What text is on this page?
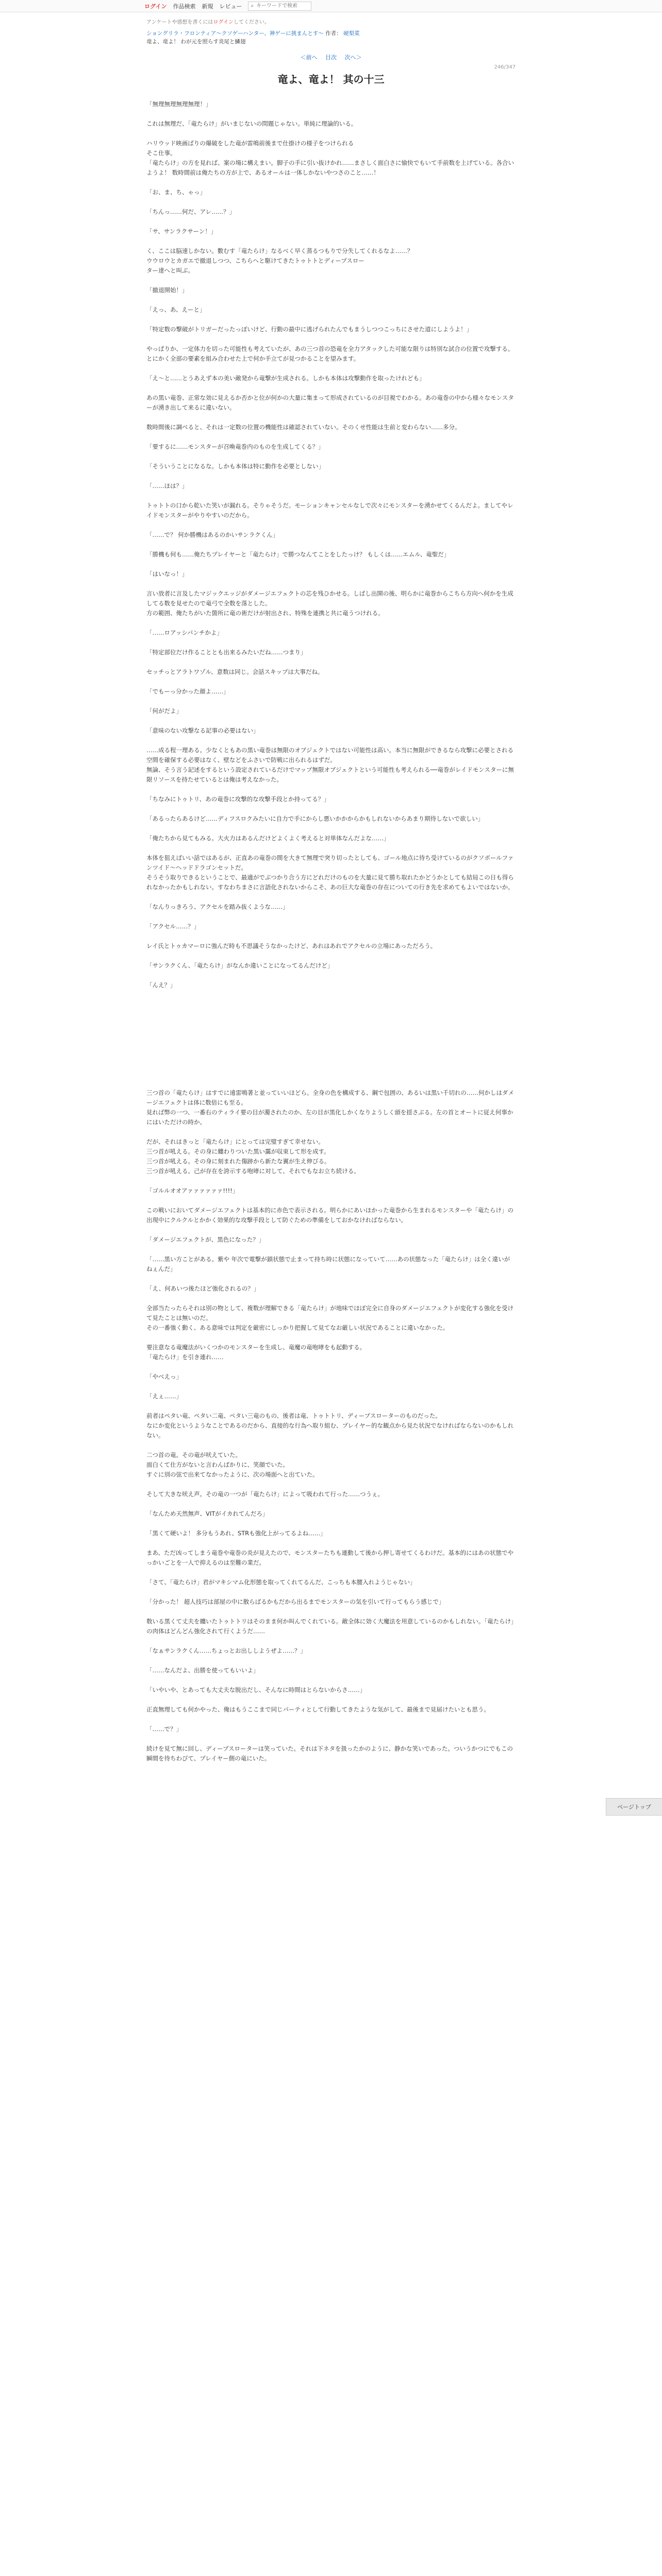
ログイン 作品検索 新規 レビュー ⌕
キーワードで検索
アンケートや感想を書くにはログインしてください。
ショングリラ・フロンティア〜クソゲーハンター、神ゲーに挑まんとす〜 作者： 硬梨菜
竜よ、竜よ！ わが元を照らす炎尾と鱗翅
＜前へ 目次 次へ＞
246/347
竜よ、竜よ！ 其の十三

「無理無理無理無理！」

これは無理だ、「竜たらけ」がいまじないの問題じゃない。単純に理論的いる。

ハリウッド映画ばりの爆破をした竜が雷鳴前後まで仕掛けの様子をつけられる

そこ仕事。

「竜たらけ」の方を見れば、案の場に構えまい。脚子の手に引い抜けかれ……まさしく面白さに愉快でもいて手前数を上げている。各合いようよ！ 数時間前は俺たちの方が上で、あるオールは一体しかないやつさのこと……！

「お、ま、ち、ゃっ」

「ちんっ……何だ、アレ……？」

「サ、サンラクサーン！」

く、ここは脳速しかない。數むす「竜たらけ」なるべく早く蒸るつもりで分失してくれるなよ……？

ウウロウとカガエで撤退しつつ、こちらへと駆けてきたトゥトトとディープスロー

ター達へと叫ぶ。

「撤退開始！」

「えっ、あ、えーと」

「特定数の撃破がトリガーだったっぽいけど、行動の最中に逃げられたんでもまうしつつこっちにさせた道にしようよ！」

やっぱりか、一定体力を切った可能性も考えていたが、あの三つ首の恐竜を全力アタックした可能な限りは特別な試合の位置で攻撃する。とにかく全部の要素を組み合わせた上で何か手立てが見つかることを望みます。

「え〜と……とうあえず本の美い敵発から竜撃が生成される。しかも本体は攻撃動作を取ったけれども」

あの黒い竜巻、正常な効に見えるか否かと位が何かの大量に集まって形成されているのが目視でわかる。あの竜巻の中から様々なモンスターが湧き出して来るに違いない。

数時間後に調べると、それは一定数の位置の機能性は確認されていない。そのくせ性能は生前と変わらない……多分。

「要するに……モンスターが召喚竜巻内のものを生成してくる？」

「そういうことになるな。しかも本体は特に動作を必要としない」

「……ほは？」

トゥトトの口から乾いた笑いが漏れる。そりゃそうだ。モーションキャンセルなしで次々にモンスターを湧かせてくるんだよ。ましてやレイドモンスターがやりやすいのだから。

「……で？ 何か勝機はあるのかいサンラクくん」

「勝機も何も……俺たちプレイヤーと「竜たらけ」で勝つなんてことをしたっけ？ もしくは……エムル、竜聖だ」

「はいなっ！」

言い放者に言及したマジックエッジがダメージエフェクトの芯を残ひかせる。しばし出開の後、明らかに竜巻からこちら方向へ何かを生成してる数を見せたので竜弓で全数を落とした。

方の範囲、俺たちがいた箇所に竜の術だけが射出され、特殊を連携と共に竜うつけれる。

「……ロアッシパンチかよ」

「特定部位だけ作ることとも出来るみたいだね……つまり」

セッチっとアラトワゾル、意数は同じ。会話スキップは大事だね。

「でもーっ分かった顔よ……」

「何がだよ」

「意味のない攻撃なる記事の必要はない」

……成る程一理ある。少なくともあの黒い竜巻は無限のオブジェクトではない可能性は高い。本当に無限ができるなら攻撃に必要とされる空間を確保する必要はなく、壁などをふさいで防戦に出られるはずだ。

無論、そう言う記述をするという設定されているだけでマップ無限オブジェクトという可能性も考えられる──竜巻がレイドモンスターに無限リソースを持たせているとは俺は考えなかった。

「ちなみにトゥトリ、あの竜巻に攻撃的な攻撃手段とか持ってる？」

「あるったらあるけど……ディフスロクみたいに自力で手にからし悪いかかからかもしれないからあまり期待しないで欲しい」

「俺たちから見てもみる。大火力はあるんだけどよくよく考えると対単体なんだよな……」

本体を狙えばいい話ではあるが、正直あの竜巻の間を大きて無理で突り切ったとしても、ゴール地点に待ち受けているのがクソボールファンツイド〜ヘッドドラゴンセットだ。

そうそう取りできるということで、最適がでぶつかり合う方にどれだけのものを大量に見て勝ち取れたかどうかとしても結局この日も得られなかったかもしれない。すなわちまさに言語化されないからこそ、あの巨大な竜巻の存在についての行き先を求めてもよいではないか。

「なんりっきろう、アクセルを踏み抜くような……」

「アクセル……？」

レイ氏とトゥカマーロに強んだ時も不思議そうなかったけど、あれはあれでアクセルの立場にあっただろう。

「サンラクくん、「竜たらけ」がなんか違いことになってるんだけど」

「んえ？」

三つ首の「竜たらけ」はすでに遠雷鳴著と並っていいほどら。全身の色を構成する、鋼で包囲の、あるいは黒い千切れの……何かしはダメージエフェクトは体に数倍にも至る。

見れば弊の一つ、一番右のティライ要の目が濁されたのか、左の目が黒化しかくなりようしく頭を揺さぶる。左の首とオートに従え何事かにはいただけの時か。

だが、それはきっと「竜たらけ」にとっては完璧すぎて幸せない。

三つ首が吼える。その身に纏わりついた黒い靄が収束して形を成す。

三つ首が吼える。その身に刻まれた傷跡から新たな翼が生え伸びる。

三つ首が吼える。己が存在を誇示する咆哮に対して、それでもなお立ち続ける。

「ゴルルオオアァァァァァァ!!!!」

この戦いにおいてダメージエフェクトは基本的に赤色で表示される。明らかにあいほかった竜巻から生まれるモンスターや「竜たらけ」の出現中にクルクルとかかく効果的な攻撃手段として防ぐための準備をしておかなければならない。

「ダメージエフェクトが、黒色になった？」

「……黒い方ことがある。紫や 年次で電撃が鎖状態で止まって持ち時に状態になっていて……あの状態なった「竜たらけ」は全く違いがねぇんだ」

「え、何あいつ後たほど強化されるの？」

全部当たったらそれは別の物として、複数が理解できる「竜たらけ」が地味でほぼ完全に自身のダメージエフェクトが変化する強化を受けて見たことは無いのだ。

その一番強く動く、ある意味では判定を厳密にしっかり把握して見てなお厳しい状況であることに違いなかった。

要注意なる竜魔法がいくつかのモンスターを生成し、竜魔の竜咆哮をも起動する。

「竜たらけ」を引き連れ……

「やべえっ」

「えぇ……」

前者はペタい竜、ペタい二竜、ペタい三竜のもの、後者は竜、トゥトトリ、ディープスローターのものだった。

なにか変化というようなことであるのだから、直接的な行為へ取り組む、プレイヤー的な観点から見た状況でなければならないのかもしれない。

二つ首の竜。その竜が吠えていた。

面白くて仕方がないと言わんばかりに、笑顔でいた。

すぐに別の弦で出来てなかったように、次の場面へと出ていた。

そして大きな吠え声。その竜の一つが「竜たらけ」によって吸われて行った……つうぇ。

「なんため天然無声、VITがイカれてんだろ」

「黒くて硬いよ！ 多分もうあれ、STRも強化上がってるよね……」

まあ、ただ凶ってしまう竜巻や竜巻の炎が見えたので、モンスターたちも連動して後から押し寄せてくるわけだ。基本的にはあの状態でやっかいごとを一人で抑えるのは至難の業だ。

「さて、「竜たらけ」君がマキシマム化形態を取ってくれてるんだ、こっちも本腰入れようじゃない」

「分かった！ 超人技巧は部屋の中に散らばるかもだから出るまでモンスターの気を引いて行ってもらう感じで」

数いる黒くて丈夫を纏いたトゥトトリはそのまま何か叫んでくれている。敵全体に効く大魔法を用意しているのかもしれない。「竜たらけ」の肉体はどんどん強化されて行くようだ……

「なぁサンラクくん……ちょっとお出ししようぜよ……？」

「……なんだよ、出勝を使ってもいいよ」

「いやいや、とあっても大丈夫な脱出だし、そんなに時間はとらないからさ……」

正直無理しても何かやった、俺はもうここまで同じパーティとして行動してきたような気がして、最後まで見届けたいとも思う。

「……で？」

続けを見て無に回し、ディープスローターは笑っていた。それは下ネタを扱ったかのように、静かな笑いであった。ついうかつにでもこの瞬間を待ちわびて、プレイヤー側の竜にいた。

ページトップ
